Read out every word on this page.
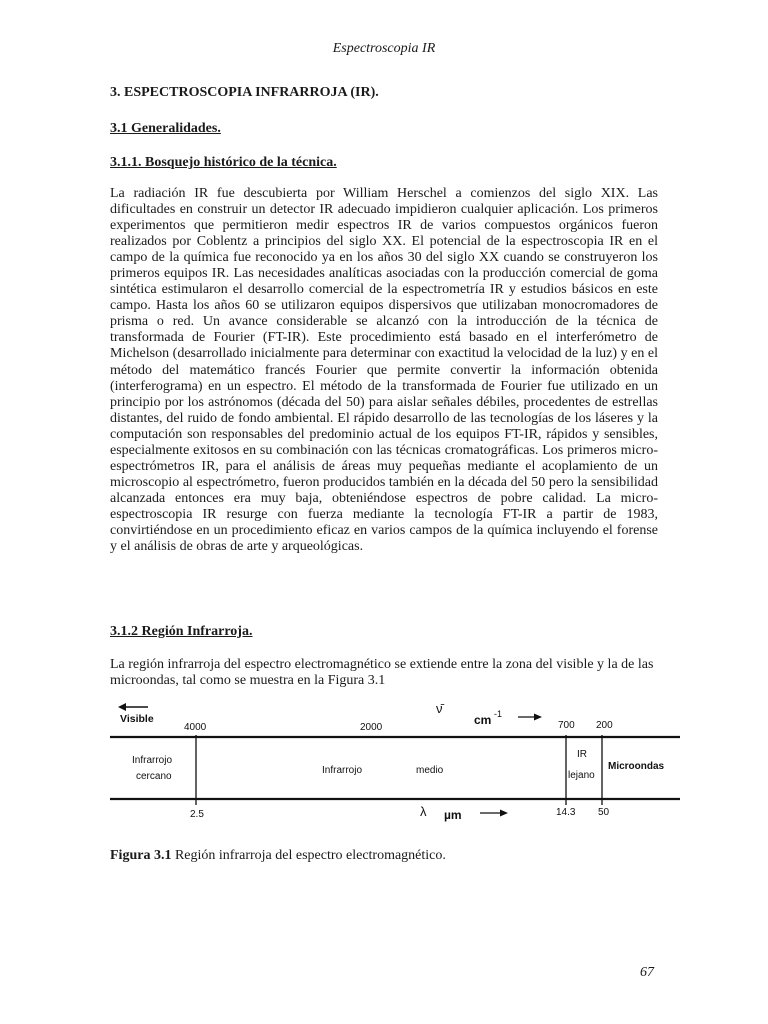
Espectroscopia IR
3. ESPECTROSCOPIA INFRARROJA (IR).
3.1 Generalidades.
3.1.1. Bosquejo histórico de la técnica.

La radiación IR fue descubierta por William Herschel a comienzos del siglo XIX. Las dificultades en construir un detector IR adecuado impidieron cualquier aplicación. Los primeros experimentos que permitieron medir espectros IR de varios compuestos orgánicos fueron realizados por Coblentz a principios del siglo XX. El potencial de la espectroscopia IR en el campo de la química fue reconocido ya en los años 30 del siglo XX cuando se construyeron los primeros equipos IR. Las necesidades analíticas asociadas con la producción comercial de goma sintética estimularon el desarrollo comercial de la espectrometría IR y estudios básicos en este campo. Hasta los años 60 se utilizaron equipos dispersivos que utilizaban monocromadores de prisma o red. Un avance considerable se alcanzó con la introducción de la técnica de transformada de Fourier (FT-IR). Este procedimiento está basado en el interferómetro de Michelson (desarrollado inicialmente para determinar con exactitud la velocidad de la luz) y en el método del matemático francés Fourier que permite convertir la información obtenida (interferograma) en un espectro. El método de la transformada de Fourier fue utilizado en un principio por los astrónomos (década del 50) para aislar señales débiles, procedentes de estrellas distantes, del ruido de fondo ambiental. El rápido desarrollo de las tecnologías de los láseres y la computación son responsables del predominio actual de los equipos FT-IR, rápidos y sensibles, especialmente exitosos en su combinación con las técnicas cromatográficas. Los primeros micro-espectrómetros IR, para el análisis de áreas muy pequeñas mediante el acoplamiento de un microscopio al espectrómetro, fueron producidos también en la década del 50 pero la sensibilidad alcanzada entonces era muy baja, obteniéndose espectros de pobre calidad. La micro-espectroscopia IR resurge con fuerza mediante la tecnología FT-IR a partir de 1983, convirtiéndose en un procedimiento eficaz en varios campos de la química incluyendo el forense y el análisis de obras de arte y arqueológicas.

3.1.2 Región Infrarroja.

La región infrarroja del espectro electromagnético se extiende entre la zona del visible y la de las microondas, tal como se muestra en la Figura 3.1

Visible
ν̄
cm -1
4000	2000	700 200
Infrarrojo
cercano
Infrarrojo	medio
IR
lejano
Microondas
2.5	14.3 50
λ µm

Figura 3.1 Región infrarroja del espectro electromagnético.

67
